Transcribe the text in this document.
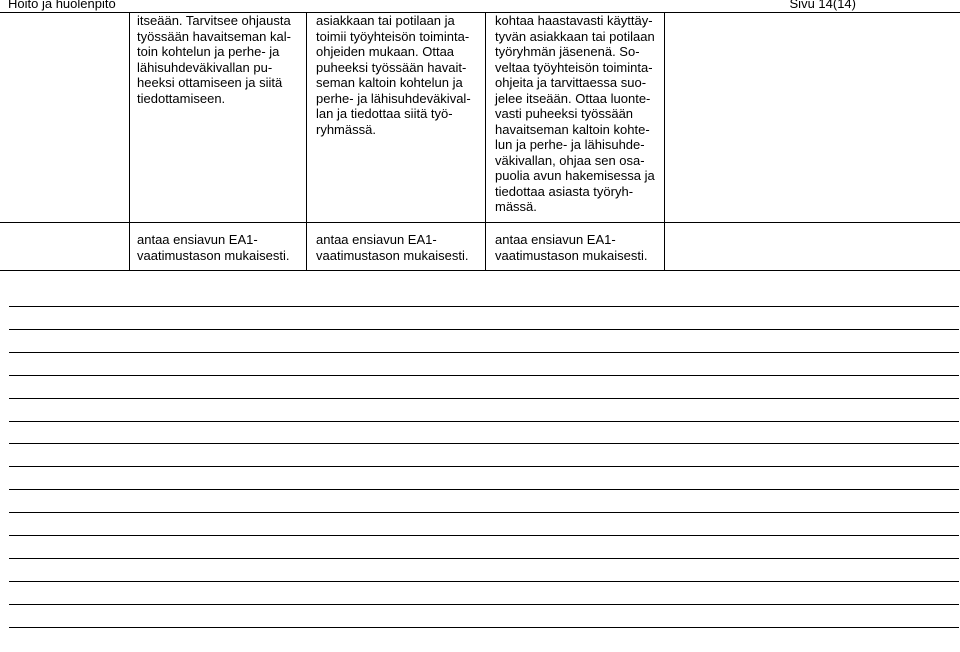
Hoito ja huolenpito	Sivu 14(14)

itseään. Tarvitsee ohjausta
työssään havaitseman kal-
toin kohtelun ja perhe- ja
lähisuhdeväkivallan pu-
heeksi ottamiseen ja siitä
tiedottamiseen.

asiakkaan tai potilaan ja
toimii työyhteisön toiminta-
ohjeiden mukaan. Ottaa
puheeksi työssään havait-
seman kaltoin kohtelun ja
perhe- ja lähisuhdeväkival-
lan ja tiedottaa siitä työ-
ryhmässä.

kohtaa haastavasti käyttäy-
tyvän asiakkaan tai potilaan
työryhmän jäsenenä. So-
veltaa työyhteisön toiminta-
ohjeita ja tarvittaessa suo-
jelee itseään. Ottaa luonte-
vasti puheeksi työssään
havaitseman kaltoin kohte-
lun ja perhe- ja lähisuhde-
väkivallan, ohjaa sen osa-
puolia avun hakemisessa ja
tiedottaa asiasta työryh-
mässä.

antaa ensiavun EA1-
vaatimustason mukaisesti.

antaa ensiavun EA1-
vaatimustason mukaisesti.

antaa ensiavun EA1-
vaatimustason mukaisesti.
